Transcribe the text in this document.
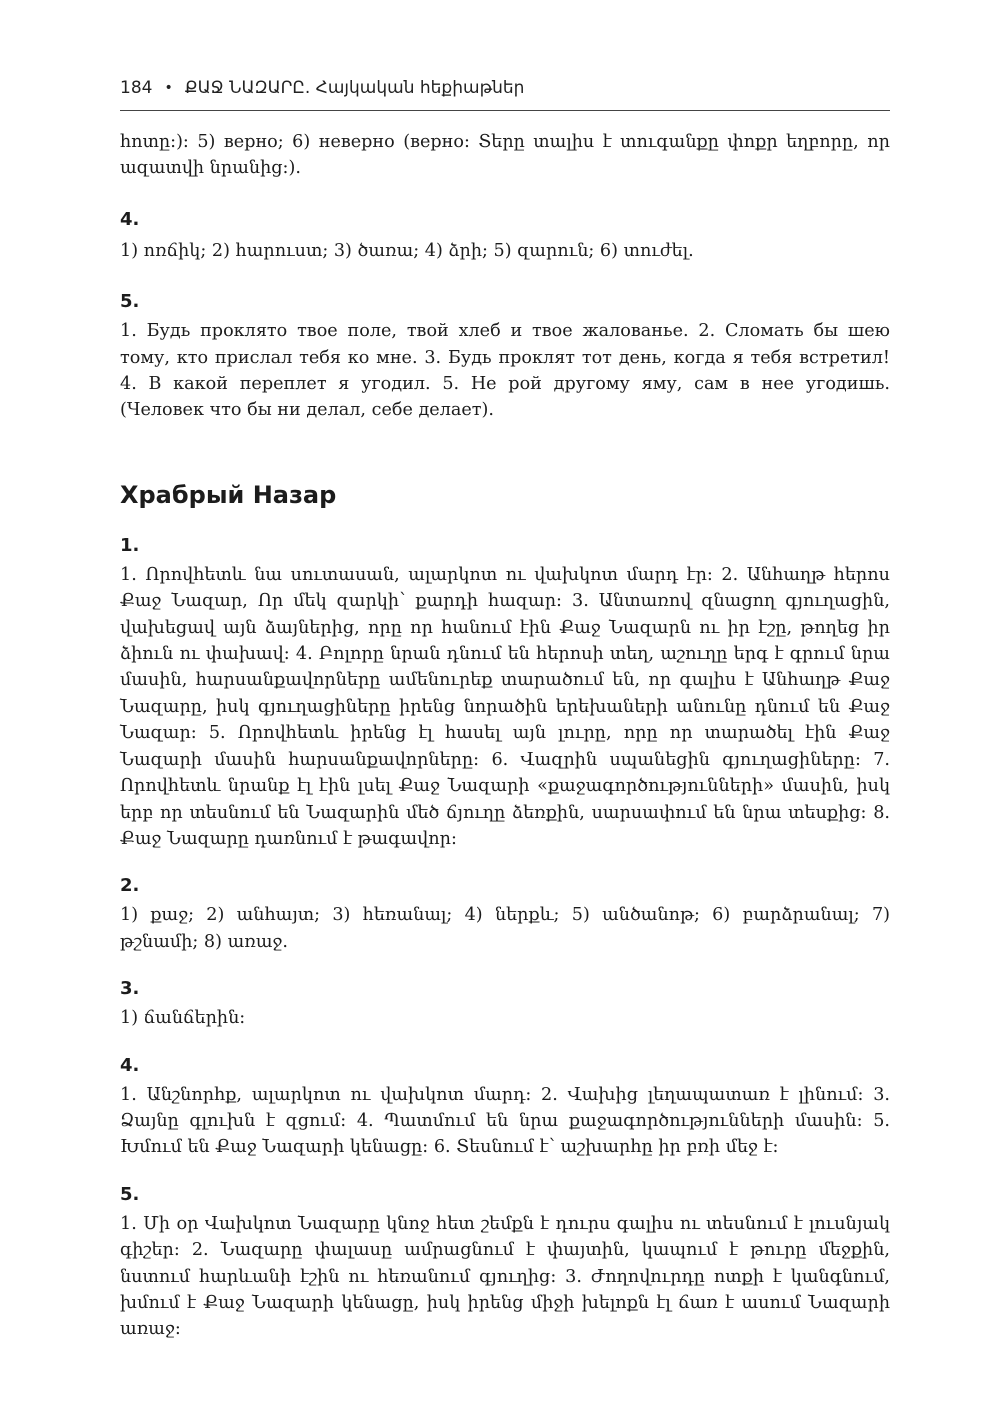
184 • ՔԱՋ ՆԱԶԱՐԸ. Հայկական հեքիաթներ

հոտը:): 5) верно; 6) неверно (верно: Տերը տալիս է տուգանքը փոքր եղբորը, որ ազատվի նրանից:).

4.

1) ոռճիկ; 2) հարուստ; 3) ծառա; 4) ձրի; 5) զարուն; 6) տուժել.

5.

1. Будь проклято твое поле, твой хлеб и твое жалованье. 2. Сломать бы шею тому, кто прислал тебя ко мне. 3. Будь проклят тот день, когда я тебя встретил! 4. В какой переплет я угодил. 5. Не рой другому яму, сам в нее угодишь. (Человек что бы ни делал, себе делает).

Храбрый Назар

1.

1. Որովհետև նա սուտասան, ալարկոտ ու վախկոտ մարդ էր: 2. Անհաղթ հերոս Քաջ Նազար, Որ մեկ զարկի՝ քարդի հազար: 3. Անտառով զնացող գյուղացին, վախեցավ այն ձայներից, որը որ հանում էին Քաջ Նազարն ու իր էշը, թողեց իր ձիուն ու փախավ: 4. Բոլորը նրան դնում են հերոսի տեղ, աշուղը երգ է գրում նրա մասին, հարսանքավորները ամենուրեք տարածում են, որ գալիս է Անհաղթ Քաջ Նազարը, իսկ գյուղացիները իրենց նորածին երեխաների անունը դնում են Քաջ Նազար: 5. Որովհետև իրենց էլ հասել այն լուրը, որը որ տարածել էին Քաջ Նազարի մասին հարսանքավորները: 6. Վազրին սպանեցին գյուղացիները: 7. Որովհետև նրանք էլ էին լսել Քաջ Նազարի «քաջագործությունների» մասին, իսկ երբ որ տեսնում են Նազարին մեծ ճյուղը ձեռքին, սարսափում են նրա տեսքից: 8. Քաջ Նազարը դառնում է թագավոր:

2.

1) քաջ; 2) անհայտ; 3) հեռանալ; 4) ներքև; 5) անծանոթ; 6) բարձրանալ; 7) թշնամի; 8) առաջ.

3.

1) ճանճերին:

4.

1. Անշնորհք, ալարկոտ ու վախկոտ մարդ: 2. Վախից լեղապատառ է լինում: 3. Ձայնը գլուխն է զցում: 4. Պատմում են նրա քաջագործությունների մասին: 5. Խմում են Քաջ Նազարի կենացը: 6. Տեսնում է՝ աշխարհը իր բռի մեջ է:

5.

1. Մի օր Վախկոտ Նազարը կնոջ հետ շեմքն է դուրս գալիս ու տեսնում է լուսնյակ գիշեր: 2. Նազարը փալասը ամրացնում է փայտին, կապում է թուրը մեջքին, նստում հարևանի էշին ու հեռանում գյուղից: 3. Ժողովուրդը ոտքի է կանգնում, խմում է Քաջ Նազարի կենացը, իսկ իրենց միջի խելոքն էլ ճառ է ասում Նազարի առաջ:
